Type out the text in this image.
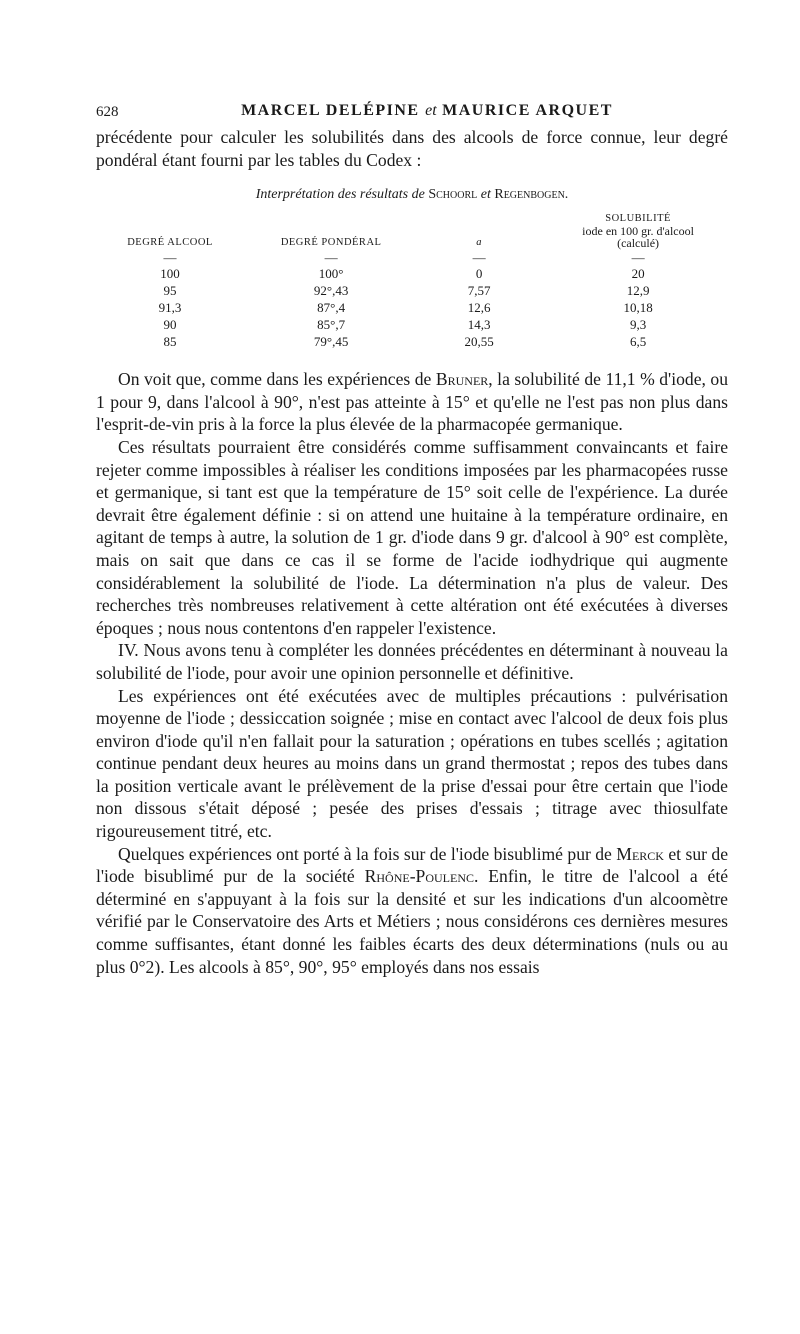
628	MARCEL DELÉPINE et MAURICE ARQUET

précédente pour calculer les solubilités dans des alcools de force connue, leur degré pondéral étant fourni par les tables du Codex :

Interprétation des résultats de Schoorl et Regenbogen.
DEGRÉ ALCOOL	DEGRÉ PONDÉRAL	a	SOLUBILITÉ
iode en 100 gr. d'alcool
(calculé)

—	—	—	—
100	100°	0	20
95	92°,43	7,57	12,9
91,3	87°,4	12,6	10,18
90	85°,7	14,3	9,3
85	79°,45	20,55	6,5

On voit que, comme dans les expériences de Bruner, la solubilité de 11,1 % d'iode, ou 1 pour 9, dans l'alcool à 90°, n'est pas atteinte à 15° et qu'elle ne l'est pas non plus dans l'esprit-de-vin pris à la force la plus élevée de la pharmacopée germanique.

Ces résultats pourraient être considérés comme suffisamment convaincants et faire rejeter comme impossibles à réaliser les conditions imposées par les pharmacopées russe et germanique, si tant est que la température de 15° soit celle de l'expérience. La durée devrait être également définie : si on attend une huitaine à la température ordinaire, en agitant de temps à autre, la solution de 1 gr. d'iode dans 9 gr. d'alcool à 90° est complète, mais on sait que dans ce cas il se forme de l'acide iodhydrique qui augmente considérablement la solubilité de l'iode. La détermination n'a plus de valeur. Des recherches très nombreuses relativement à cette altération ont été exécutées à diverses époques ; nous nous contentons d'en rappeler l'existence.

IV. Nous avons tenu à compléter les données précédentes en déterminant à nouveau la solubilité de l'iode, pour avoir une opinion personnelle et définitive.

Les expériences ont été exécutées avec de multiples précautions : pulvérisation moyenne de l'iode ; dessiccation soignée ; mise en contact avec l'alcool de deux fois plus environ d'iode qu'il n'en fallait pour la saturation ; opérations en tubes scellés ; agitation continue pendant deux heures au moins dans un grand thermostat ; repos des tubes dans la position verticale avant le prélèvement de la prise d'essai pour être certain que l'iode non dissous s'était déposé ; pesée des prises d'essais ; titrage avec thiosulfate rigoureusement titré, etc.

Quelques expériences ont porté à la fois sur de l'iode bisublimé pur de Merck et sur de l'iode bisublimé pur de la société Rhône-Poulenc. Enfin, le titre de l'alcool a été déterminé en s'appuyant à la fois sur la densité et sur les indications d'un alcoomètre vérifié par le Conservatoire des Arts et Métiers ; nous considérons ces dernières mesures comme suffisantes, étant donné les faibles écarts des deux déterminations (nuls ou au plus 0°2). Les alcools à 85°, 90°, 95° employés dans nos essais
